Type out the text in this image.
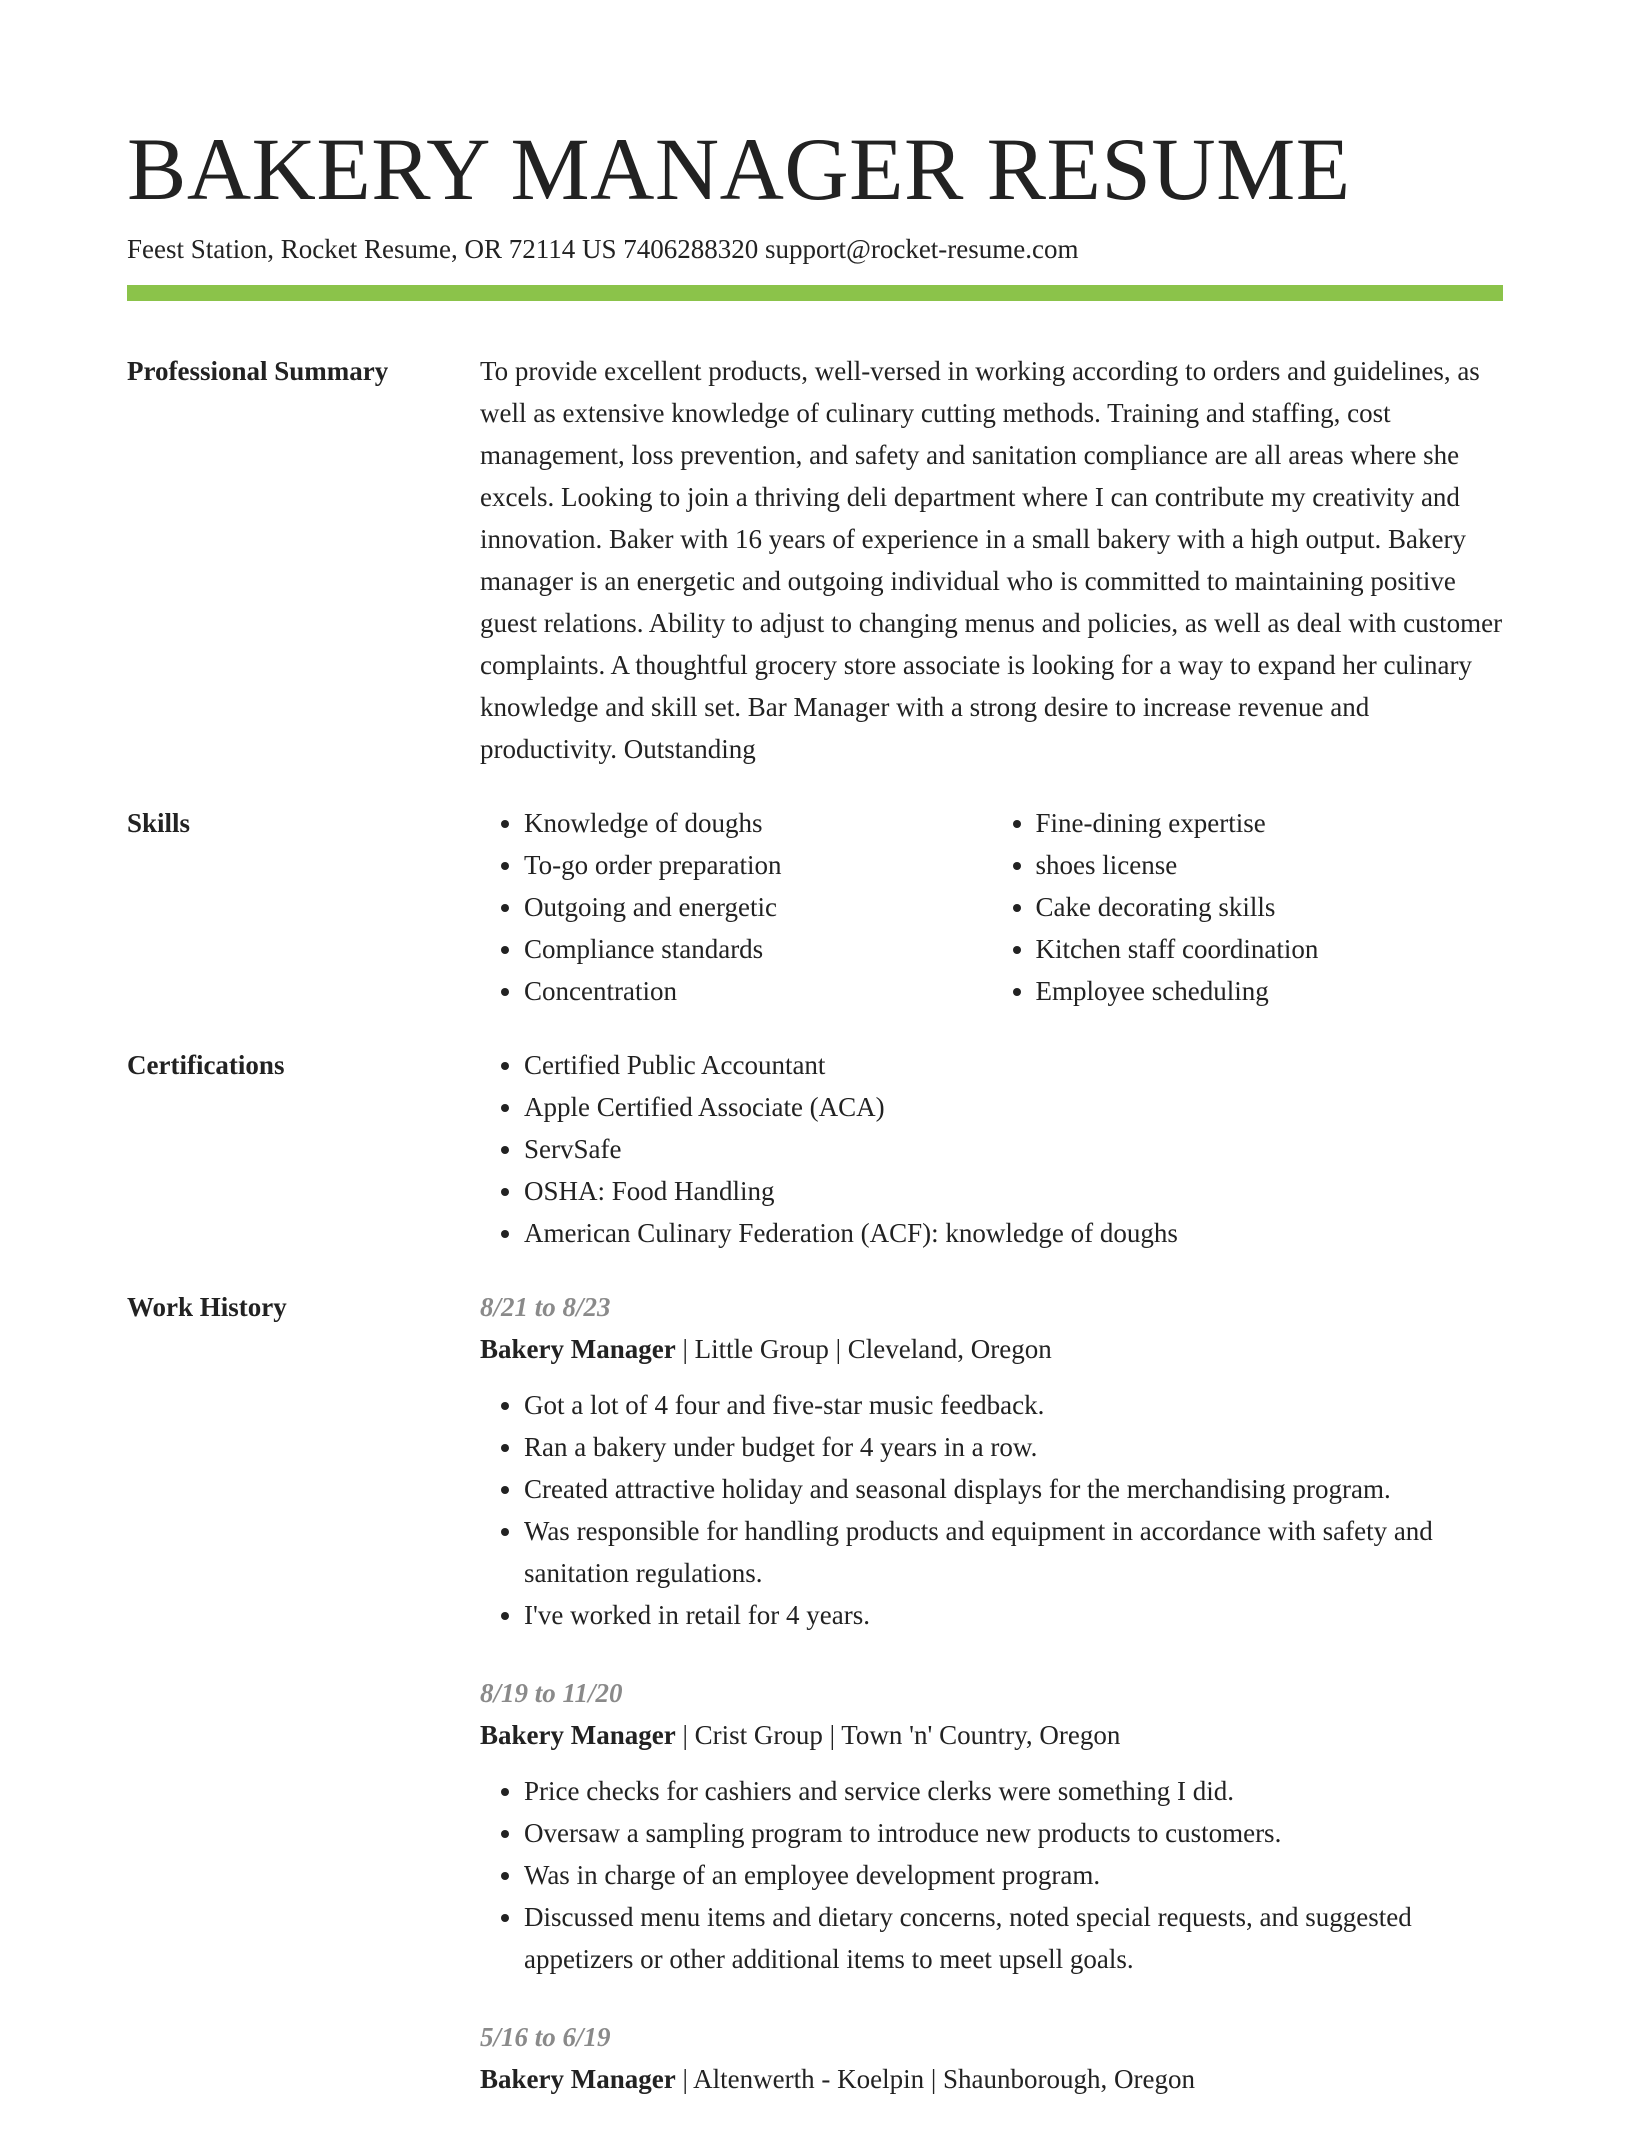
BAKERY MANAGER RESUME
Feest Station, Rocket Resume, OR 72114 US 7406288320 support@rocket-resume.com
Professional Summary	To provide excellent products, well-versed in working according to orders and guidelines, as well as extensive knowledge of culinary cutting methods. Training and staffing, cost management, loss prevention, and safety and sanitation compliance are all areas where she excels. Looking to join a thriving deli department where I can contribute my creativity and innovation. Baker with 16 years of experience in a small bakery with a high output. Bakery manager is an energetic and outgoing individual who is committed to maintaining positive guest relations. Ability to adjust to changing menus and policies, as well as deal with customer complaints. A thoughtful grocery store associate is looking for a way to expand her culinary knowledge and skill set. Bar Manager with a strong desire to increase revenue and productivity. Outstanding

Skills	• Knowledge of doughs
• To-go order preparation
• Outgoing and energetic
• Compliance standards
• Concentration
• Fine-dining expertise
• shoes license
• Cake decorating skills
• Kitchen staff coordination
• Employee scheduling
Certifications	• Certified Public Accountant
• Apple Certified Associate (ACA)
• ServSafe
• OSHA: Food Handling
• American Culinary Federation (ACF): knowledge of doughs
Work History	8/21 to 8/23
Bakery Manager | Little Group | Cleveland, Oregon
• Got a lot of 4 four and five-star music feedback.
• Ran a bakery under budget for 4 years in a row.
• Created attractive holiday and seasonal displays for the merchandising program.
• Was responsible for handling products and equipment in accordance with safety and sanitation regulations.
• I've worked in retail for 4 years.
8/19 to 11/20
Bakery Manager | Crist Group | Town 'n' Country, Oregon
• Price checks for cashiers and service clerks were something I did.
• Oversaw a sampling program to introduce new products to customers.
• Was in charge of an employee development program.
• Discussed menu items and dietary concerns, noted special requests, and suggested appetizers or other additional items to meet upsell goals.
5/16 to 6/19
Bakery Manager | Altenwerth - Koelpin | Shaunborough, Oregon
